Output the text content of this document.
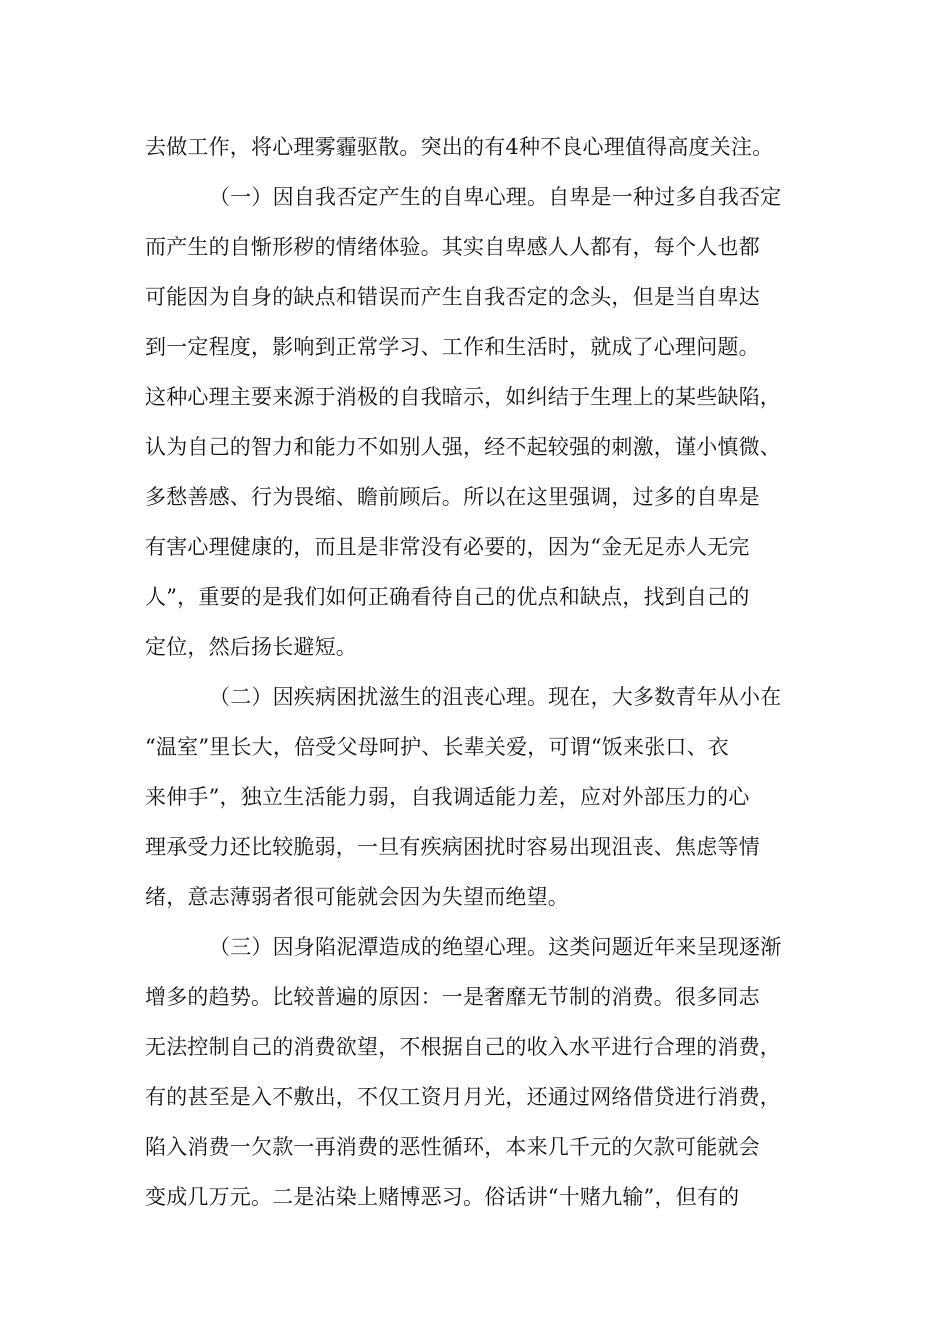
去做工作，将心理雾霾驱散。突出的有4种不良心理值得高度关注。
（一）因自我否定产生的自卑心理。自卑是一种过多自我否定
而产生的自惭形秽的情绪体验。其实自卑感人人都有，每个人也都
可能因为自身的缺点和错误而产生自我否定的念头，但是当自卑达
到一定程度，影响到正常学习、工作和生活时，就成了心理问题。
这种心理主要来源于消极的自我暗示，如纠结于生理上的某些缺陷，
认为自己的智力和能力不如别人强，经不起较强的刺激，谨小慎微、
多愁善感、行为畏缩、瞻前顾后。所以在这里强调，过多的自卑是
有害心理健康的，而且是非常没有必要的，因为“金无足赤人无完
人”，重要的是我们如何正确看待自己的优点和缺点，找到自己的
定位，然后扬长避短。
（二）因疾病困扰滋生的沮丧心理。现在，大多数青年从小在
“温室”里长大，倍受父母呵护、长辈关爱，可谓“饭来张口、衣
来伸手”，独立生活能力弱，自我调适能力差，应对外部压力的心
理承受力还比较脆弱，一旦有疾病困扰时容易出现沮丧、焦虑等情
绪，意志薄弱者很可能就会因为失望而绝望。
（三）因身陷泥潭造成的绝望心理。这类问题近年来呈现逐渐
增多的趋势。比较普遍的原因：一是奢靡无节制的消费。很多同志
无法控制自己的消费欲望，不根据自己的收入水平进行合理的消费，
有的甚至是入不敷出，不仅工资月月光，还通过网络借贷进行消费，
陷入消费一欠款一再消费的恶性循环，本来几千元的欠款可能就会
变成几万元。二是沾染上赌博恶习。俗话讲“十赌九输”，但有的
